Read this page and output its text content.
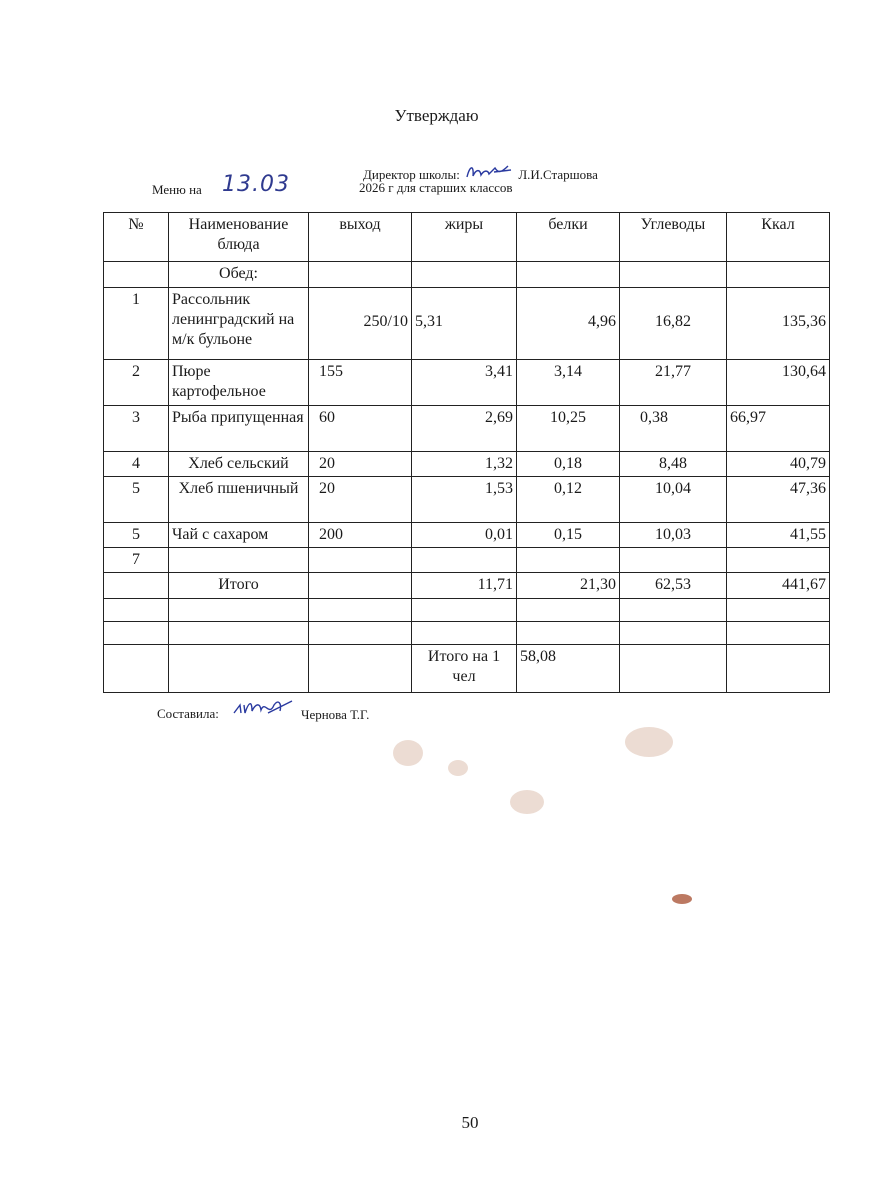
Утверждаю
Директор школы:	Л.И.Старшова
2026 г для старших классов
Меню на 13.03
№	Наименование блюда	выход	жиры	белки	Углеводы	Ккал
	Обед:					
1	Рассольник ленинградский на м/к бульоне	250/10	5,31	4,96	16,82	135,36
2	Пюре картофельное	155	3,41	3,14	21,77	130,64
3	Рыба припущенная	60	2,69	10,25	0,38	66,97
4	Хлеб сельский	20	1,32	0,18	8,48	40,79
5	Хлеб пшеничный	20	1,53	0,12	10,04	47,36
5	Чай с сахаром	200	0,01	0,15	10,03	41,55
7						
	Итого		11,71	21,30	62,53	441,67

			Итого на 1 чел	58,08		
Составила:	Чернова Т.Г.
50
